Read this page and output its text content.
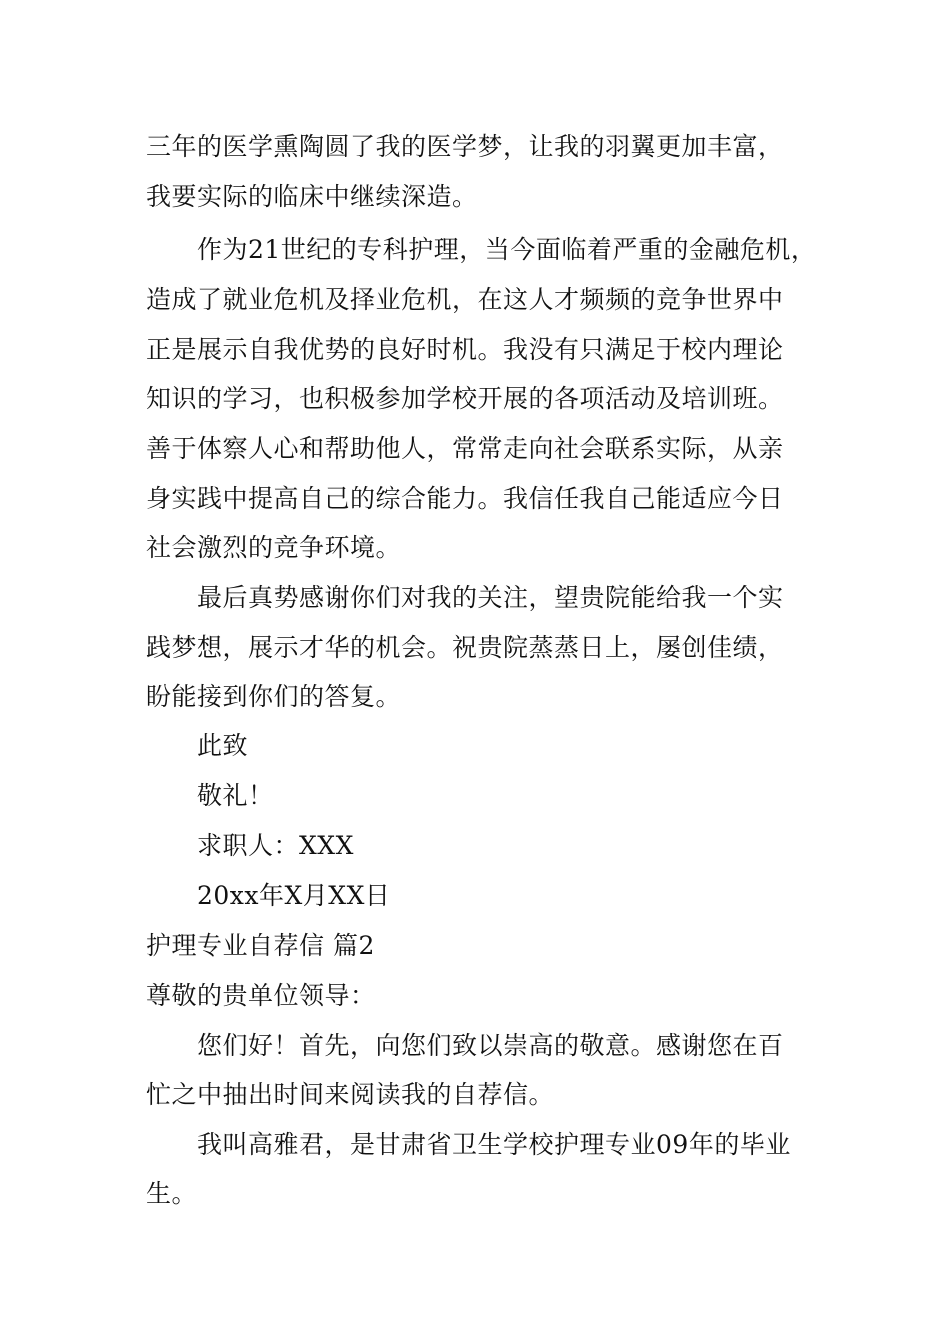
三年的医学熏陶圆了我的医学梦，让我的羽翼更加丰富，
我要实际的临床中继续深造。
作为21世纪的专科护理，当今面临着严重的金融危机，
造成了就业危机及择业危机，在这人才频频的竞争世界中
正是展示自我优势的良好时机。我没有只满足于校内理论
知识的学习，也积极参加学校开展的各项活动及培训班。
善于体察人心和帮助他人，常常走向社会联系实际，从亲
身实践中提高自己的综合能力。我信任我自己能适应今日
社会激烈的竞争环境。
最后真势感谢你们对我的关注，望贵院能给我一个实
践梦想，展示才华的机会。祝贵院蒸蒸日上，屡创佳绩，
盼能接到你们的答复。
此致
敬礼！
求职人：XXX
20xx年X月XX日
护理专业自荐信 篇2
尊敬的贵单位领导：
您们好！首先，向您们致以崇高的敬意。感谢您在百
忙之中抽出时间来阅读我的自荐信。
我叫高雅君，是甘肃省卫生学校护理专业09年的毕业
生。
